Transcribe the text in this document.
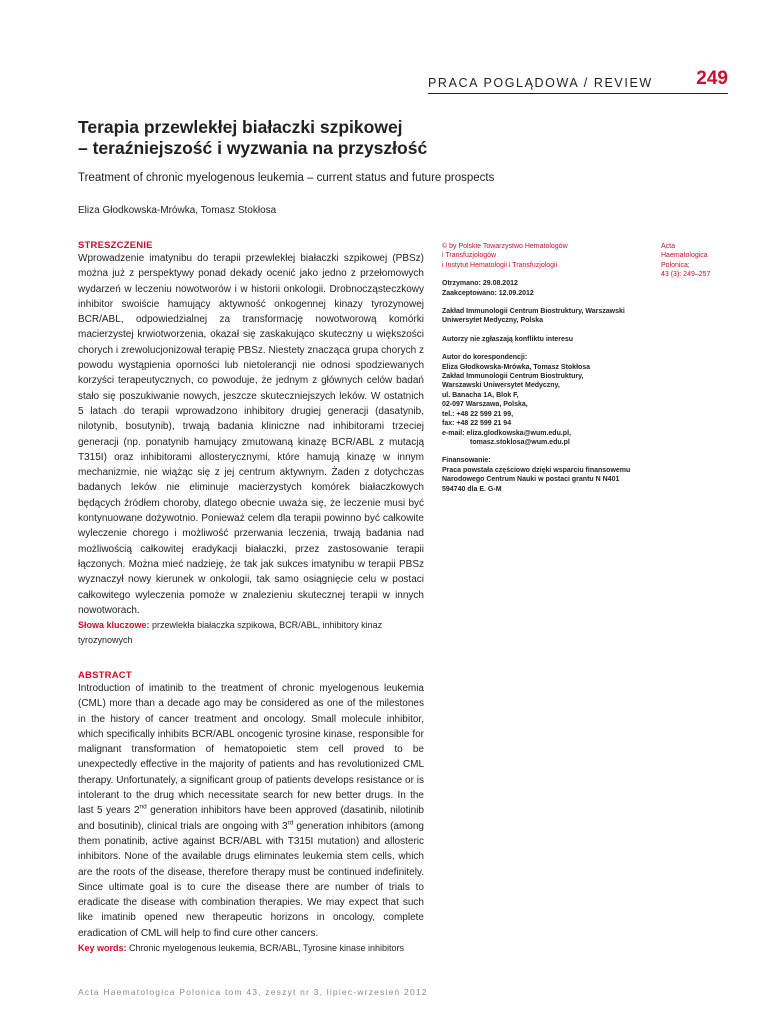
PRACA POGLĄDOWA / REVIEW 249
Terapia przewlekłej białaczki szpikowej
– teraźniejszość i wyzwania na przyszłość
Treatment of chronic myelogenous leukemia – current status and future prospects
Eliza Głodkowska-Mrówka, Tomasz Stokłosa

STRESZCZENIE

Wprowadzenie imatynibu do terapii przewlekłej białaczki szpikowej (PBSz) można już z perspektywy ponad dekady ocenić jako jedno z przełomowych wydarzeń w leczeniu nowotworów i w historii onkologii. Drobnocząsteczkowy inhibitor swoiście hamujący aktywność onkogennej kinazy tyrozynowej BCR/ABL, odpowiedzialnej za transformację nowotworową komórki macierzystej krwiotworzenia, okazał się zaskakująco skuteczny u większości chorych i zrewolucjonizował terapię PBSz. Niestety znacząca grupa chorych z powodu wystąpienia oporności lub nietolerancji nie odnosi spodziewanych korzyści terapeutycznych, co powoduje, że jednym z głównych celów badań stało się poszukiwanie nowych, jeszcze skuteczniejszych leków. W ostatnich 5 latach do terapii wprowadzono inhibitory drugiej generacji (dasatynib, nilotynib, bosutynib), trwają badania kliniczne nad inhibitorami trzeciej generacji (np. ponatynib hamujący zmutowaną kinazę BCR/ABL z mutacją T315I) oraz inhibitorami allosterycznymi, które hamują kinazę w innym mechanizmie, nie wiążąc się z jej centrum aktywnym. Żaden z dotychczas badanych leków nie eliminuje macierzystych komórek białaczkowych będących źródłem choroby, dlatego obecnie uważa się, że leczenie musi być kontynuowane dożywotnio. Ponieważ celem dla terapii powinno być całkowite wyleczenie chorego i możliwość przerwania leczenia, trwają badania nad możliwością całkowitej eradykacji białaczki, przez zastosowanie terapii łączonych. Można mieć nadzieję, że tak jak sukces imatynibu w terapii PBSz wyznaczył nowy kierunek w onkologii, tak samo osiągnięcie celu w postaci całkowitego wyleczenia pomoże w znalezieniu skutecznej terapii w innych nowotworach.

Słowa kluczowe: przewlekła białaczka szpikowa, BCR/ABL, inhibitory kinaz tyrozynowych

ABSTRACT

Introduction of imatinib to the treatment of chronic myelogenous leukemia (CML) more than a decade ago may be considered as one of the milestones in the history of cancer treatment and oncology. Small molecule inhibitor, which specifically inhibits BCR/ABL oncogenic tyrosine kinase, responsible for malignant transformation of hematopoietic stem cell proved to be unexpectedly effective in the majority of patients and has revolutionized CML therapy. Unfortunately, a significant group of patients develops resistance or is intolerant to the drug which necessitate search for new better drugs. In the last 5 years 2nd generation inhibitors have been approved (dasatinib, nilotinib and bosutinib), clinical trials are ongoing with 3rd generation inhibitors (among them ponatinib, active against BCR/ABL with T315I mutation) and allosteric inhibitors. None of the available drugs eliminates leukemia stem cells, which are the roots of the disease, therefore therapy must be continued indefinitely. Since ultimate goal is to cure the disease there are number of trials to eradicate the disease with combination therapies. We may expect that such like imatinib opened new therapeutic horizons in oncology, complete eradication of CML will help to find cure other cancers.

Key words: Chronic myelogenous leukemia, BCR/ABL, Tyrosine kinase inhibitors

© by Polskie Towarzystwo Hematologów
i Transfuzjologów
i Instytut Hematologii i Transfuzjologii

Otrzymano: 29.08.2012
Zaakceptowano: 12.09.2012

Zakład Immunologii Centrum Biostruktury, Warszawski
Uniwersytet Medyczny, Polska

Autorzy nie zgłaszają konfliktu interesu

Autor do korespondencji:
Eliza Głodkowska-Mrówka, Tomasz Stokłosa
Zakład Immunologii Centrum Biostruktury,
Warszawski Uniwersytet Medyczny,
ul. Banacha 1A, Blok F,
02-097 Warszawa, Polska,
tel.: +48 22 599 21 99,
fax: +48 22 599 21 94
e-mail: eliza.glodkowska@wum.edu.pl,
tomasz.stoklosa@wum.edu.pl

Finansowanie:
Praca powstała częściowo dzięki wsparciu finansowemu
Narodowego Centrum Nauki w postaci grantu N N401
594740 dla E. G-M

Acta
Haematologica
Polonica;
43 (3): 249–257
Acta Haematologica Polonica tom 43, zeszyt nr 3, lipiec-wrzesień 2012
